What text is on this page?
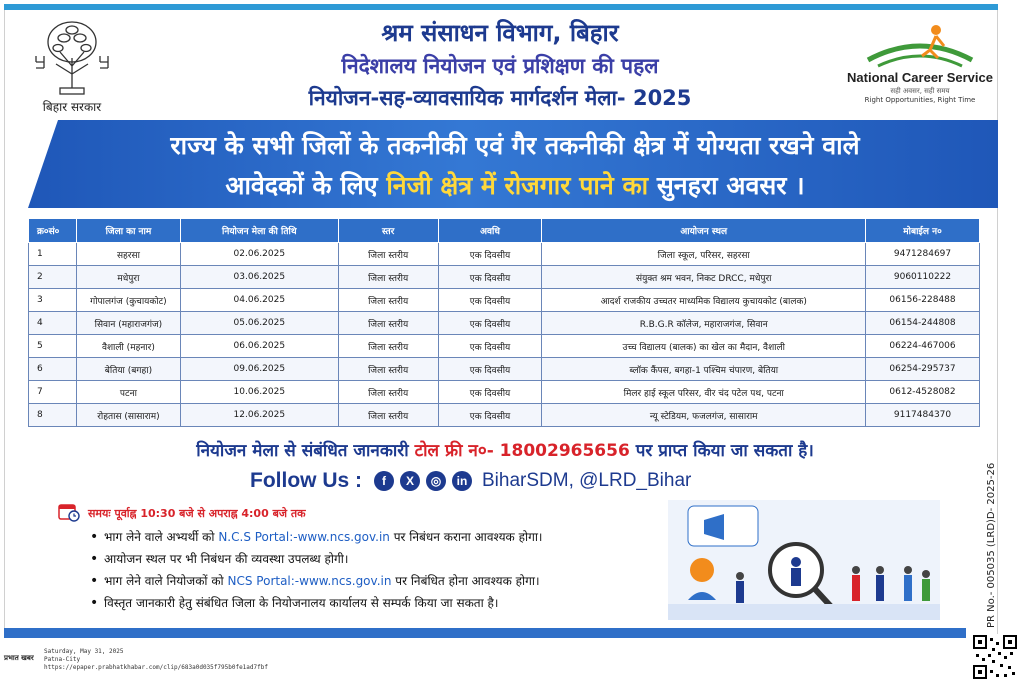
बिहार सरकार
श्रम संसाधन विभाग, बिहार
निदेशालय नियोजन एवं प्रशिक्षण की पहल
नियोजन-सह-व्यावसायिक मार्गदर्शन मेला- 2025
National Career Service
सही अवसर, सही समय
Right Opportunities, Right Time
राज्य के सभी जिलों के तकनीकी एवं गैर तकनीकी क्षेत्र में योग्यता रखने वाले
आवेदकों के लिए निजी क्षेत्र में रोजगार पाने का सुनहरा अवसर ।
क्र०सं०	जिला का नाम	नियोजन मेला की तिथि	स्तर	अवधि	आयोजन स्थल	मोबाईल न०
1	सहरसा	02.06.2025	जिला स्तरीय	एक दिवसीय	जिला स्कूल, परिसर, सहरसा	9471284697
2	मधेपुरा	03.06.2025	जिला स्तरीय	एक दिवसीय	संयुक्त श्रम भवन, निकट DRCC, मधेपुरा	9060110222
3	गोपालगंज (कुचायकोट)	04.06.2025	जिला स्तरीय	एक दिवसीय	आदर्श राजकीय उच्चतर माध्यमिक विद्यालय कुचायकोट (बालक)	06156-228488
4	सिवान (महाराजगंज)	05.06.2025	जिला स्तरीय	एक दिवसीय	R.B.G.R कॉलेज, महाराजगंज, सिवान	06154-244808
5	वैशाली (महनार)	06.06.2025	जिला स्तरीय	एक दिवसीय	उच्च विद्यालय (बालक) का खेल का मैदान, वैशाली	06224-467006
6	बेतिया (बगहा)	09.06.2025	जिला स्तरीय	एक दिवसीय	ब्लॉक कैंपस, बगहा-1 पश्चिम चंपारण, बेतिया	06254-295737
7	पटना	10.06.2025	जिला स्तरीय	एक दिवसीय	मिलर हाई स्कूल परिसर, वीर चंद पटेल पथ, पटना	0612-4528082
8	रोहतास (सासाराम)	12.06.2025	जिला स्तरीय	एक दिवसीय	न्यू स्टेडियम, फजलगंज, सासाराम	9117484370
नियोजन मेला से संबंधित जानकारी टोल फ्री न०- 18002965656 पर प्राप्त किया जा सकता है।
Follow Us :	f	X	◎	in BiharSDM, @LRD_Bihar
समयः पूर्वाह्न 10:30 बजे से अपराह्न 4:00 बजे तक
• भाग लेने वाले अभ्यर्थी को N.C.S Portal:-www.ncs.gov.in पर निबंधन कराना आवश्यक होगा।
• आयोजन स्थल पर भी निबंधन की व्यवस्था उपलब्ध होगी।
• भाग लेने वाले नियोजकों को NCS Portal:-www.ncs.gov.in पर निबंधित होना आवश्यक होगा।
• विस्तृत जानकारी हेतु संबंधित जिला के नियोजनालय कार्यालय से सम्पर्क किया जा सकता है।	PR No.- 005035 (LRD)D- 2025-26
प्रभात खबर
Saturday, May 31, 2025
Patna-City
https://epaper.prabhatkhabar.com/clip/683a0d035f795b0fe1ad7fbf
